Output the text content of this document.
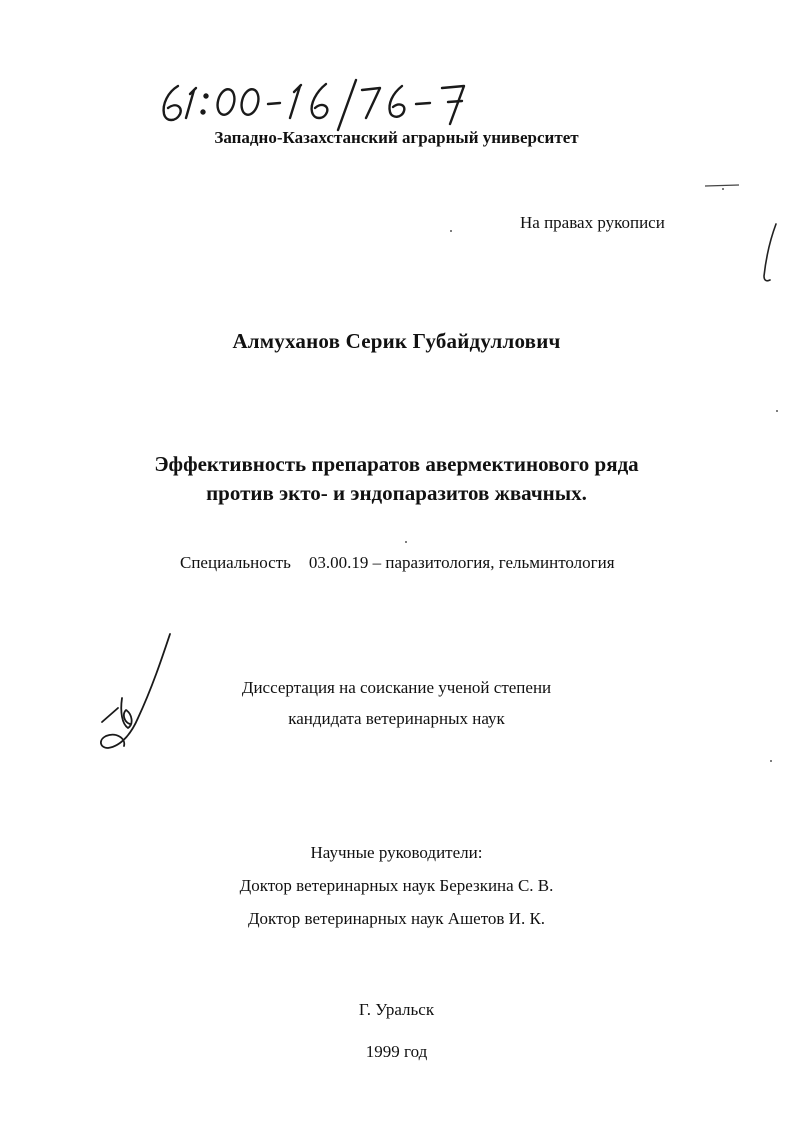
Западно-Казахстанский аграрный университет
На правах рукописи
Алмуханов Серик Губайдуллович
Эффективность препаратов авермектинового ряда
против экто- и эндопаразитов жвачных.
Специальность 03.00.19 – паразитология, гельминтология
Диссертация на соискание ученой степени
кандидата ветеринарных наук
Научные руководители:
Доктор ветеринарных наук Березкина С. В.
Доктор ветеринарных наук Ашетов И. К.
Г. Уральск
1999 год
